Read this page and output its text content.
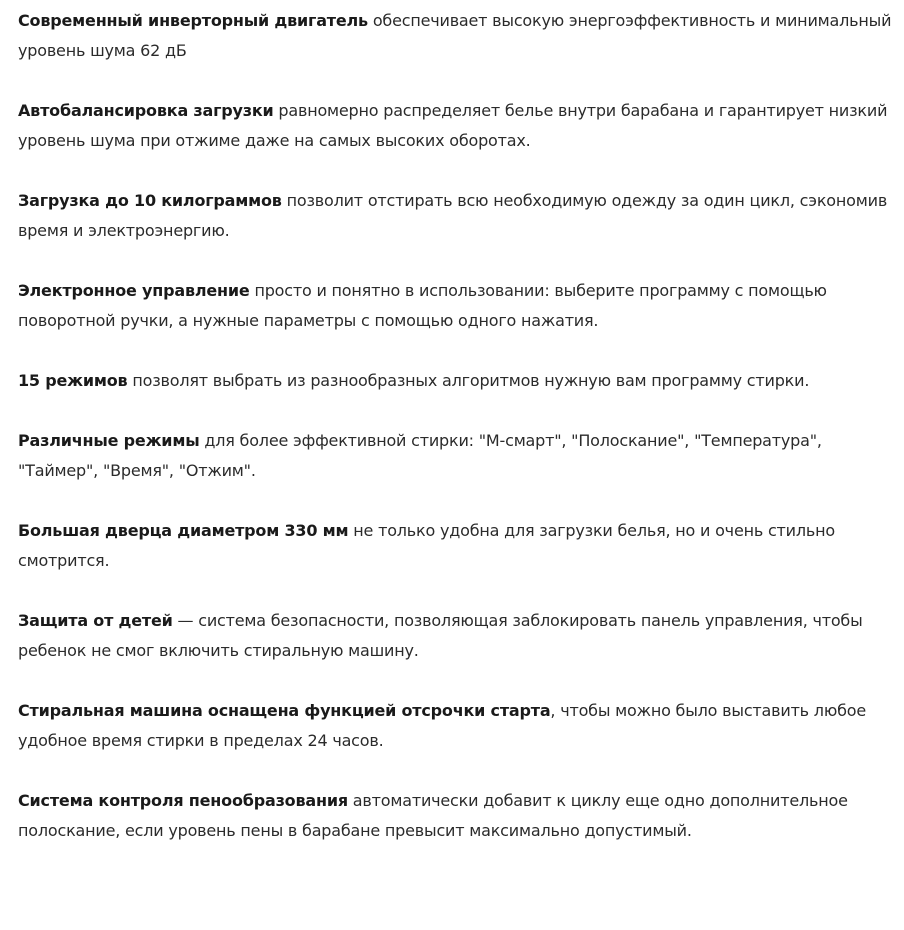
Современный инверторный двигатель обеспечивает высокую энергоэффективность и минимальный уровень шума 62 дБ

Автобалансировка загрузки равномерно распределяет белье внутри барабана и гарантирует низкий уровень шума при отжиме даже на самых высоких оборотах.

Загрузка до 10 килограммов позволит отстирать всю необходимую одежду за один цикл, сэкономив время и электроэнергию.

Электронное управление просто и понятно в использовании: выберите программу с помощью поворотной ручки, а нужные параметры с помощью одного нажатия.

15 режимов позволят выбрать из разнообразных алгоритмов нужную вам программу стирки.

Различные режимы для более эффективной стирки: "М-смарт", "Полоскание", "Температура", "Таймер", "Время", "Отжим".

Большая дверца диаметром 330 мм не только удобна для загрузки белья, но и очень стильно смотрится.

Защита от детей — система безопасности, позволяющая заблокировать панель управления, чтобы ребенок не смог включить стиральную машину.

Стиральная машина оснащена функцией отсрочки старта, чтобы можно было выставить любое удобное время стирки в пределах 24 часов.

Система контроля пенообразования автоматически добавит к циклу еще одно дополнительное полоскание, если уровень пены в барабане превысит максимально допустимый.
